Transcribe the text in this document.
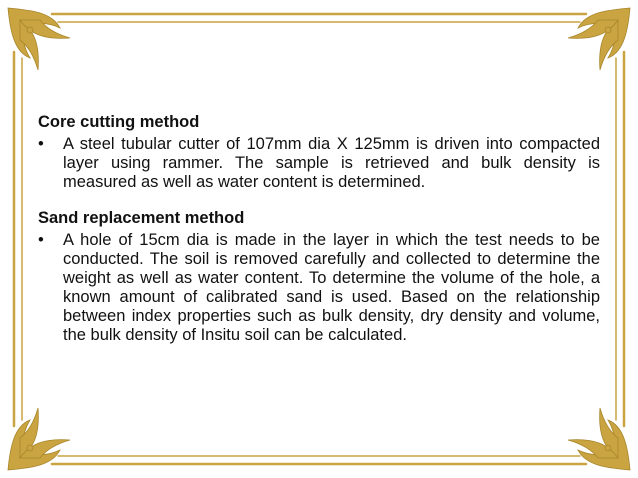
Core cutting method

• A steel tubular cutter of 107mm dia X 125mm is driven into compacted layer using rammer. The sample is retrieved and bulk density is measured as well as water content is determined.

Sand replacement method

• A hole of 15cm dia is made in the layer in which the test needs to be conducted. The soil is removed carefully and collected to determine the weight as well as water content. To determine the volume of the hole, a known amount of calibrated sand is used. Based on the relationship between index properties such as bulk density, dry density and volume, the bulk density of Insitu soil can be calculated.
